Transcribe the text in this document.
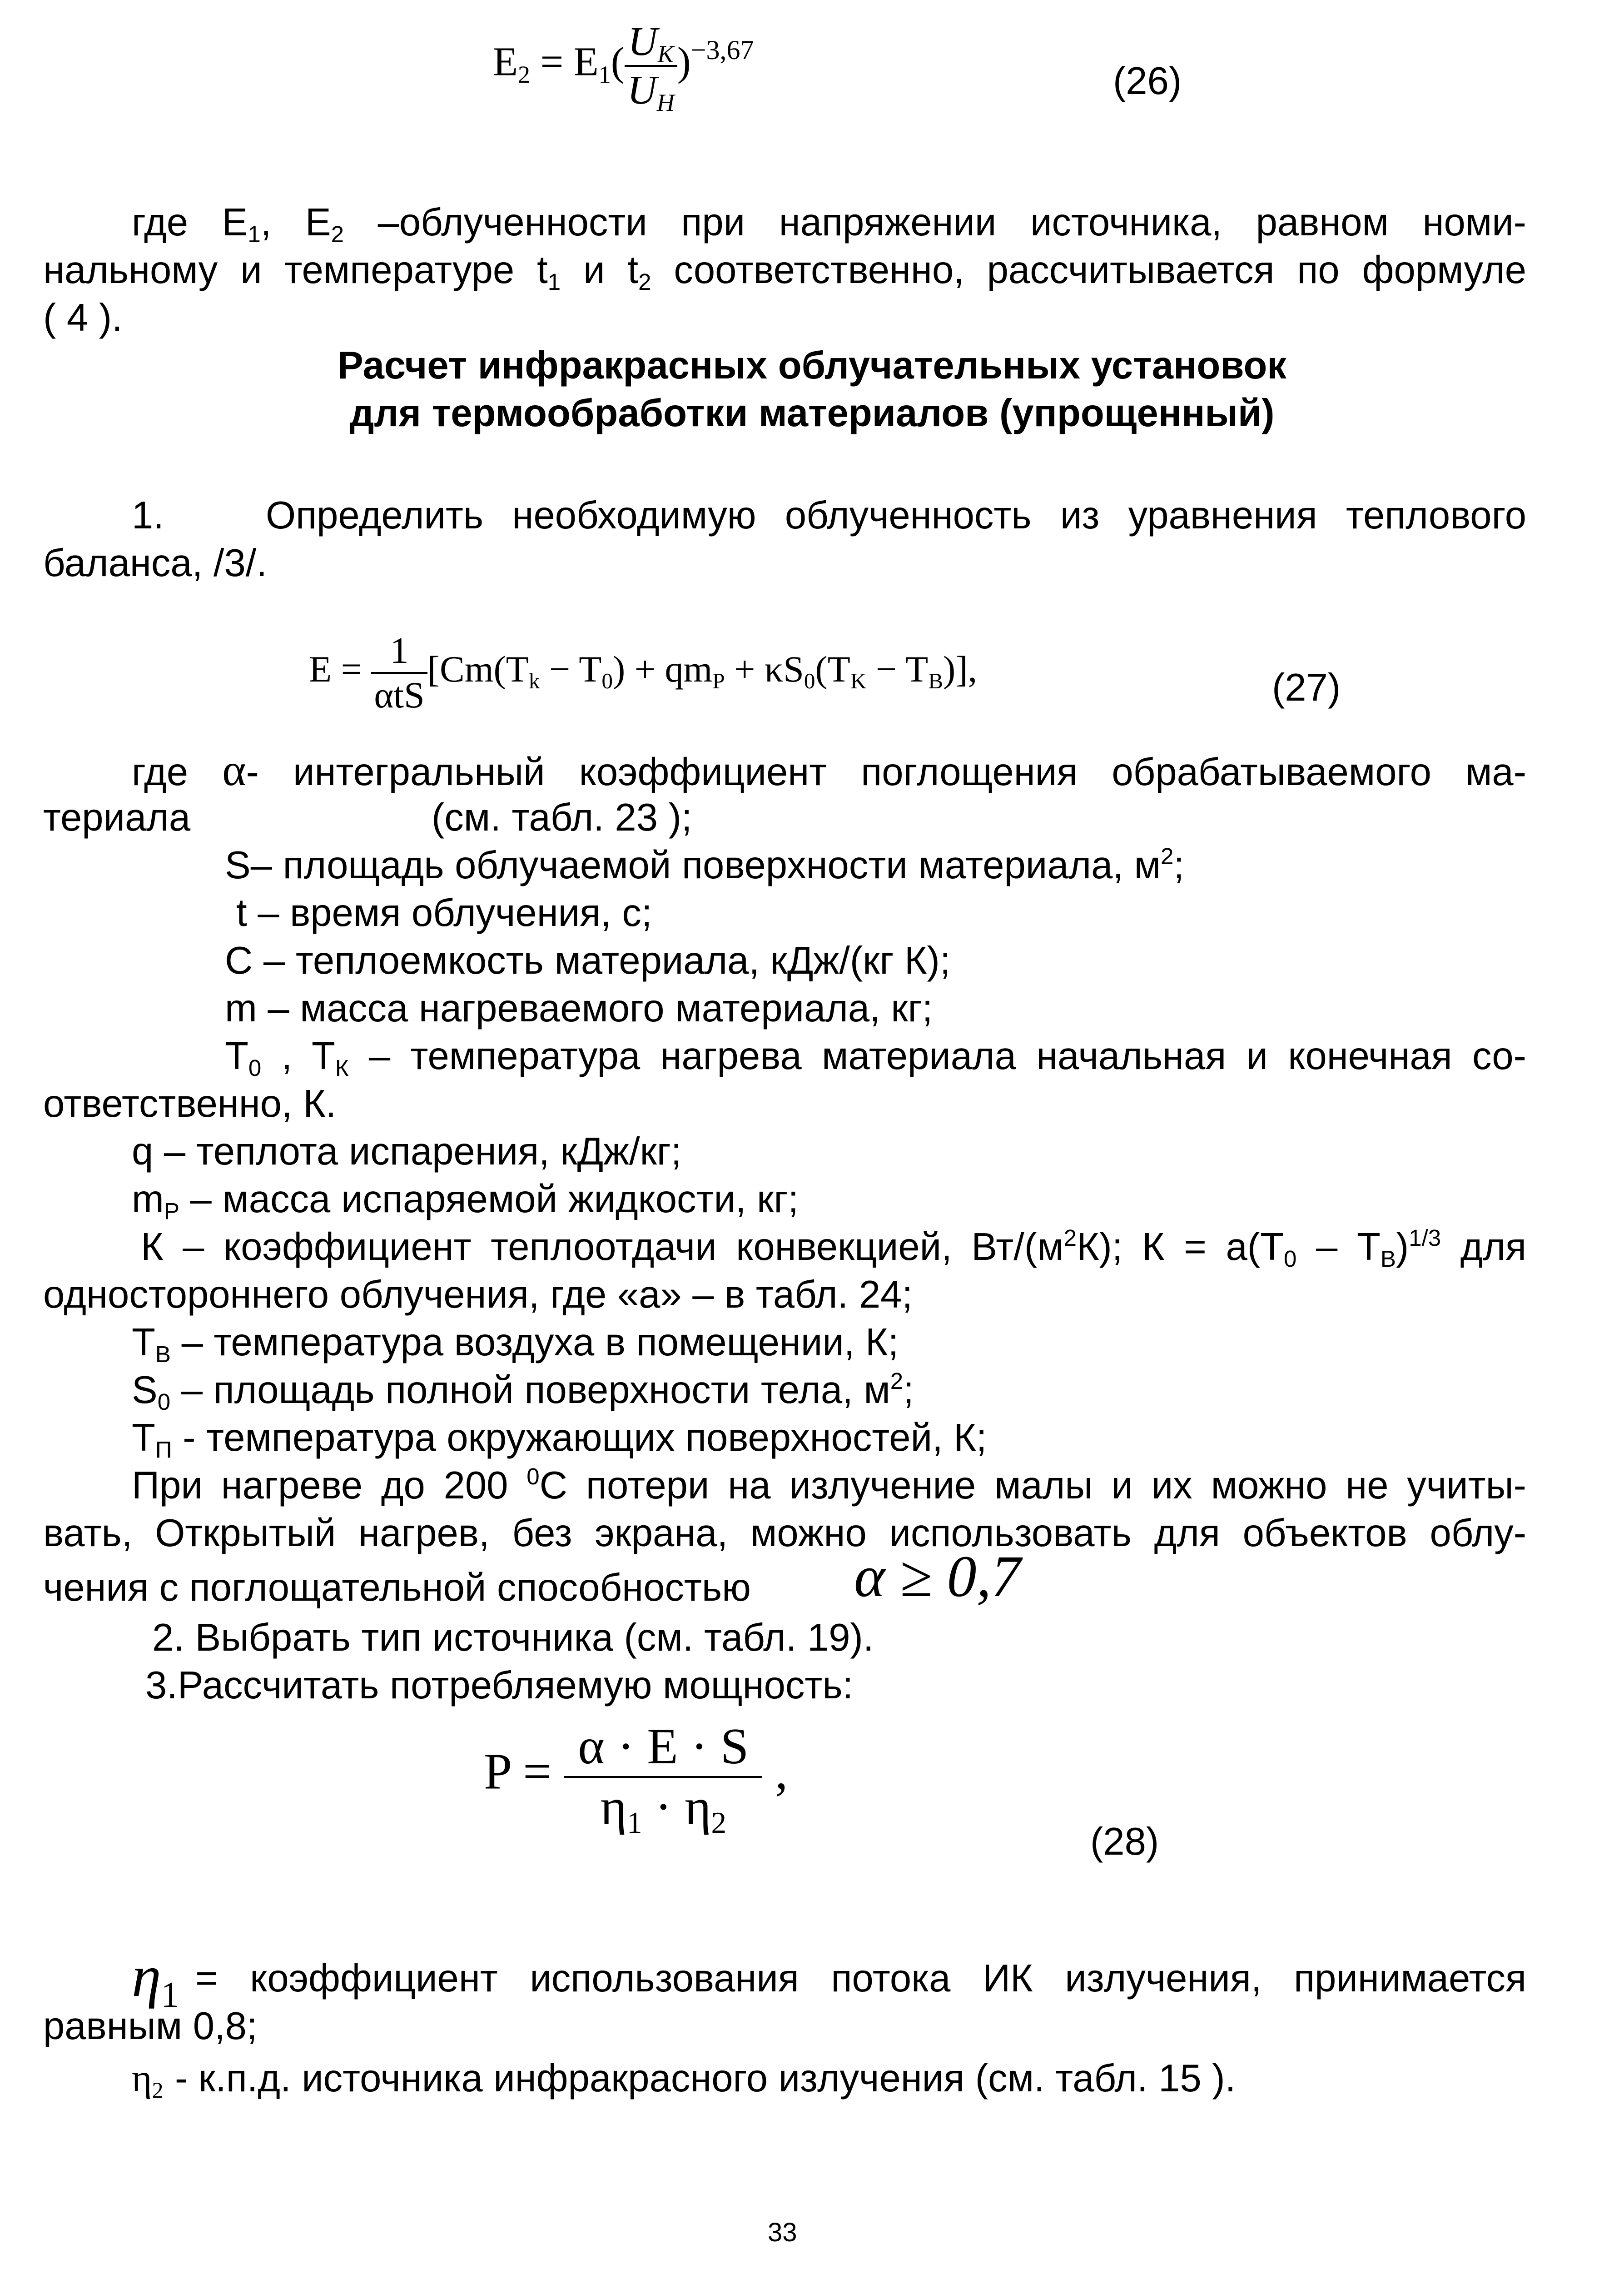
$E2 = E1( \frac{UK}{UH} )^{-3,67}$
(26)
где E1, E2 –облученности при напряжении источника, равном номи-
нальному и температуре t1 и t2 соответственно, рассчитывается по формуле
( 4 ).
Расчет инфракрасных облучательных установок
для термообработки материалов (упрощенный)
1.	Определить необходимую облученность из уравнения теплового
баланса, /3/.
$E = \frac{1}{\text{αtS}} [Cm(Tk - T0)$ + qmP + κS0(TK − TB)],	(27)
где α- интегральный коэффициент поглощения обрабатываемого ма-
териала	(см. табл. 23 );
S– площадь облучаемой поверхности материала, $м^2$;
t – время облучения, с;
C – теплоемкость материала, кДж/(кг К);
m – масса нагреваемого материала, кг;
T0 , TК – температура нагрева материала начальная и конечная со-
ответственно, К.
q – теплота испарения, кДж/кг;
mР – масса испаряемой жидкости, кг;
К – коэффициент теплоотдачи конвекцией, $Вт/(м^2К)$; К = а(Т0 – ТВ)$^{1/3}$ для
одностороннего облучения, где «а» – в табл. 24;
ТВ – температура воздуха в помещении, К;
S0 – площадь полной поверхности тела, $м^2$;
ТП - температура окружающих поверхностей, К;
При нагреве до 200 $^0$С потери на излучение малы и их можно не учиты-
вать, Открытый нагрев, без экрана, можно использовать для объектов облу-
чения с поглощательной способностью α ≥ 0,7
2. Выбрать тип источника (см. табл. 19).
3.Рассчитать потребляемую мощность:
$P = \frac{\alpha \cdot E \cdot S}{\eta 1 \cdot \eta 2}$ ,
(28)
η1 = коэффициент использования потока ИК излучения, принимается
равным 0,8;
η2 - к.п.д. источника инфракрасного излучения (см. табл. 15 ).
33
